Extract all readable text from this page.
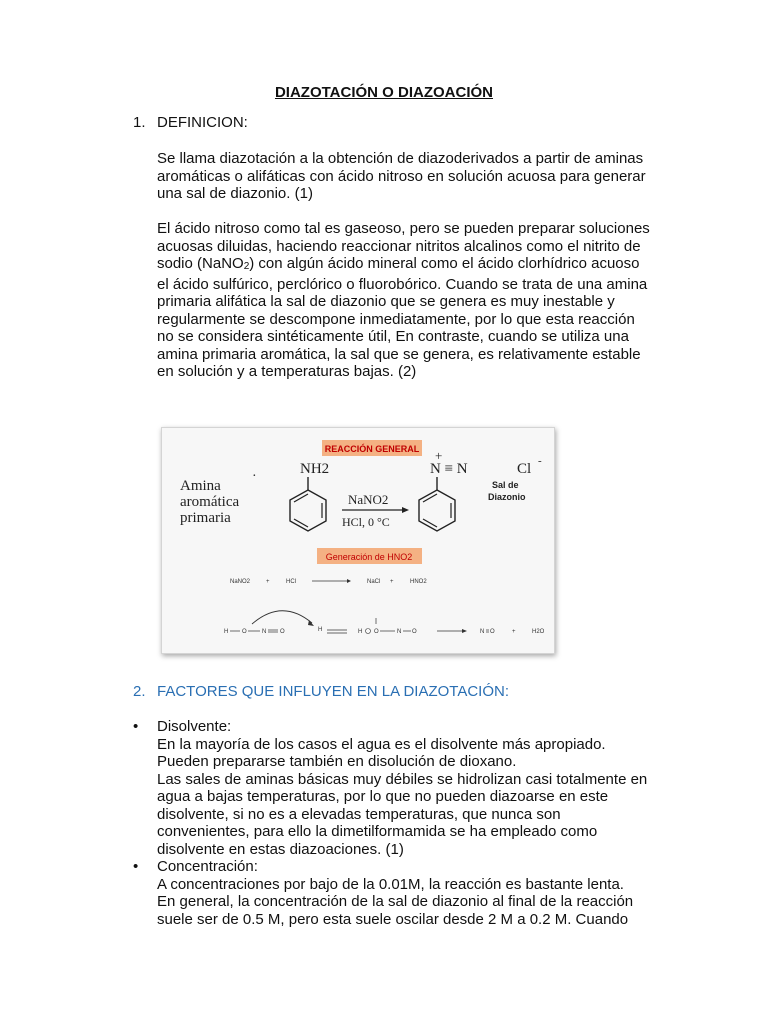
DIAZOTACIÓN O DIAZOACIÓN
1. DEFINICION:
Se llama diazotación a la obtención de diazoderivados a partir de aminas
aromáticas o alifáticas con ácido nitroso en solución acuosa para generar
una sal de diazonio. (1)
El ácido nitroso como tal es gaseoso, pero se pueden preparar soluciones
acuosas diluidas, haciendo reaccionar nitritos alcalinos como el nitrito de
sodio (NaNO2) con algún ácido mineral como el ácido clorhídrico acuoso
el ácido sulfúrico, perclórico o fluorobórico. Cuando se trata de una amina
primaria alifática la sal de diazonio que se genera es muy inestable y
regularmente se descompone inmediatamente, por lo que esta reacción
no se considera sintéticamente útil, En contraste, cuando se utiliza una
amina primaria aromática, la sal que se genera, es relativamente estable
en solución y a temperaturas bajas. (2)
REACCIÓN GENERAL
Amina
aromática
primaria
·	NH2
NaNO2
HCl, 0 °C
+
N ≡ N	Cl -
Sal de
Diazonio
Generación de HNO2
NaNO2	+	HCl	NaCl +	HNO2
H O	N O	H	H O	N O	N O	+	H2O
2. FACTORES QUE INFLUYEN EN LA DIAZOTACIÓN:
• Disolvente:
En la mayoría de los casos el agua es el disolvente más apropiado.
Pueden prepararse también en disolución de dioxano.
Las sales de aminas básicas muy débiles se hidrolizan casi totalmente en
agua a bajas temperaturas, por lo que no pueden diazoarse en este
disolvente, si no es a elevadas temperaturas, que nunca son
convenientes, para ello la dimetilformamida se ha empleado como
disolvente en estas diazoaciones. (1)
• Concentración:
A concentraciones por bajo de la 0.01M, la reacción es bastante lenta.
En general, la concentración de la sal de diazonio al final de la reacción
suele ser de 0.5 M, pero esta suele oscilar desde 2 M a 0.2 M. Cuando
